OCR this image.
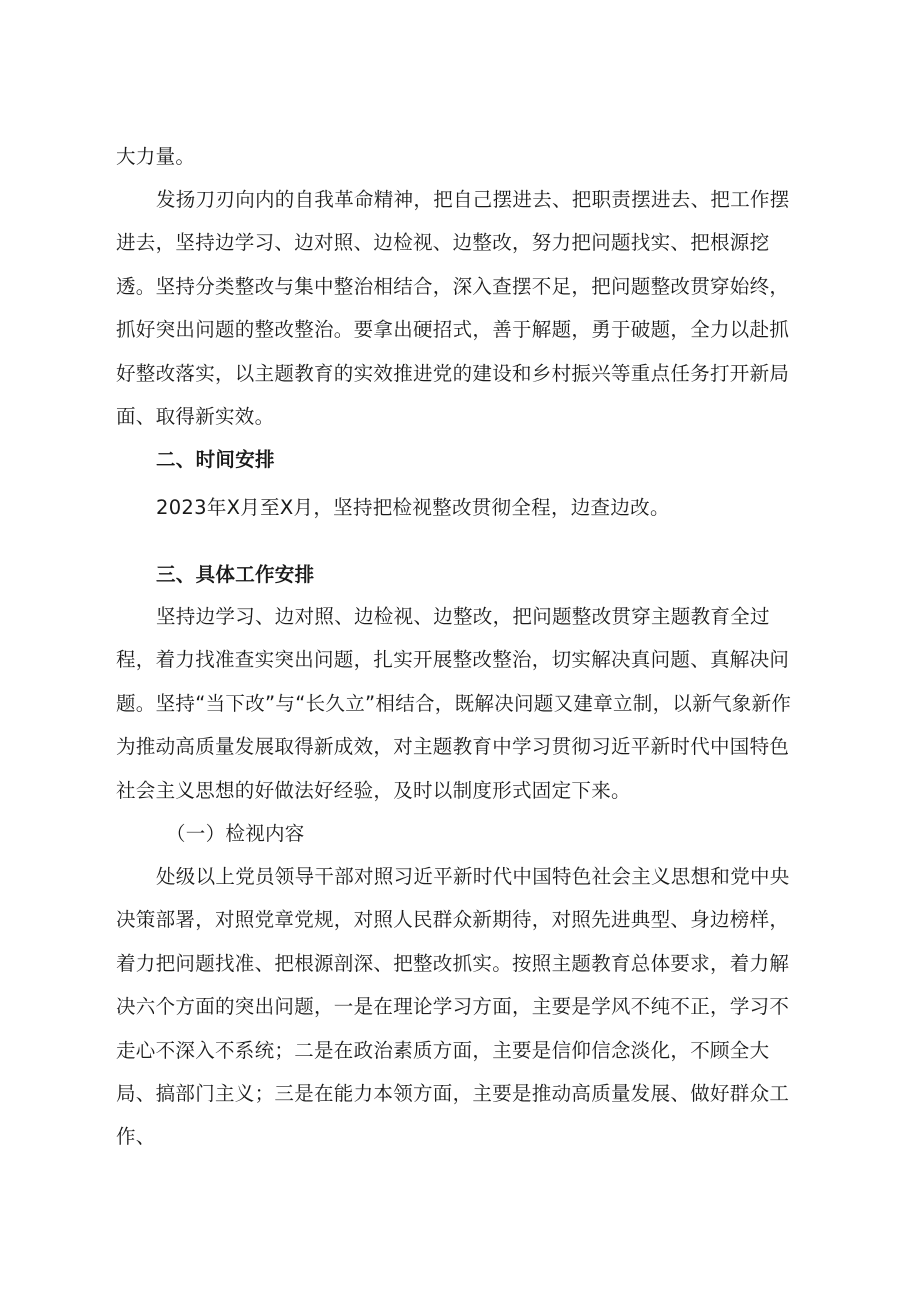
大力量。

发扬刀刃向内的自我革命精神，把自己摆进去、把职责摆进去、把工作摆进去，坚持边学习、边对照、边检视、边整改，努力把问题找实、把根源挖透。坚持分类整改与集中整治相结合，深入查摆不足，把问题整改贯穿始终，抓好突出问题的整改整治。要拿出硬招式，善于解题，勇于破题，全力以赴抓好整改落实，以主题教育的实效推进党的建设和乡村振兴等重点任务打开新局面、取得新实效。

二、时间安排

2023年X月至X月，坚持把检视整改贯彻全程，边查边改。

三、具体工作安排

坚持边学习、边对照、边检视、边整改，把问题整改贯穿主题教育全过程，着力找准查实突出问题，扎实开展整改整治，切实解决真问题、真解决问题。坚持“当下改”与“长久立”相结合，既解决问题又建章立制，以新气象新作为推动高质量发展取得新成效，对主题教育中学习贯彻习近平新时代中国特色社会主义思想的好做法好经验，及时以制度形式固定下来。

（一）检视内容

处级以上党员领导干部对照习近平新时代中国特色社会主义思想和党中央决策部署，对照党章党规，对照人民群众新期待，对照先进典型、身边榜样，着力把问题找准、把根源剖深、把整改抓实。按照主题教育总体要求，着力解决六个方面的突出问题，一是在理论学习方面，主要是学风不纯不正，学习不走心不深入不系统；二是在政治素质方面，主要是信仰信念淡化，不顾全大局、搞部门主义；三是在能力本领方面，主要是推动高质量发展、做好群众工作、
